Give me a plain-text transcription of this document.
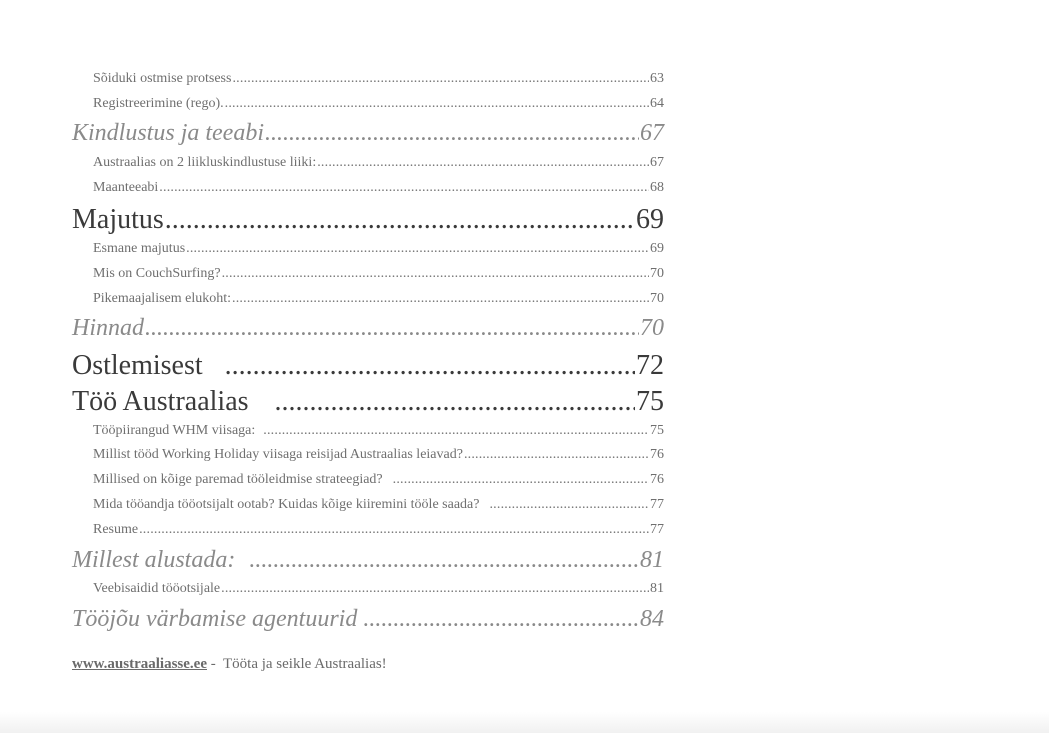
Sõiduki ostmise protsess .....	63
Registreerimine (rego). .....	64
Kindlustus ja teeabi .....	67
Austraalias on 2 liikluskindlustuse liiki: .....	67
Maanteeabi .....	68
Majutus .....	69
Esmane majutus .....	69
Mis on CouchSurfing? .....	70
Pikemaajalisem elukoht: .....	70
Hinnad .....	70
Ostlemisest .....	72
Töö Austraalias .....	75
Tööpiirangud WHM viisaga: .....	75
Millist tööd Working Holiday viisaga reisijad Austraalias leiavad? .....	76
Millised on kõige paremad tööleidmise strateegiad? .....	76
Mida tööandja tööotsijalt ootab? Kuidas kõige kiiremini tööle saada? .....	77
Resume .....	77
Millest alustada: .....	81
Veebisaidid tööotsijale .....	81
Tööjõu värbamise agentuurid .....	84
www.austraaliasse.ee -  Tööta ja seikle Austraalias!
